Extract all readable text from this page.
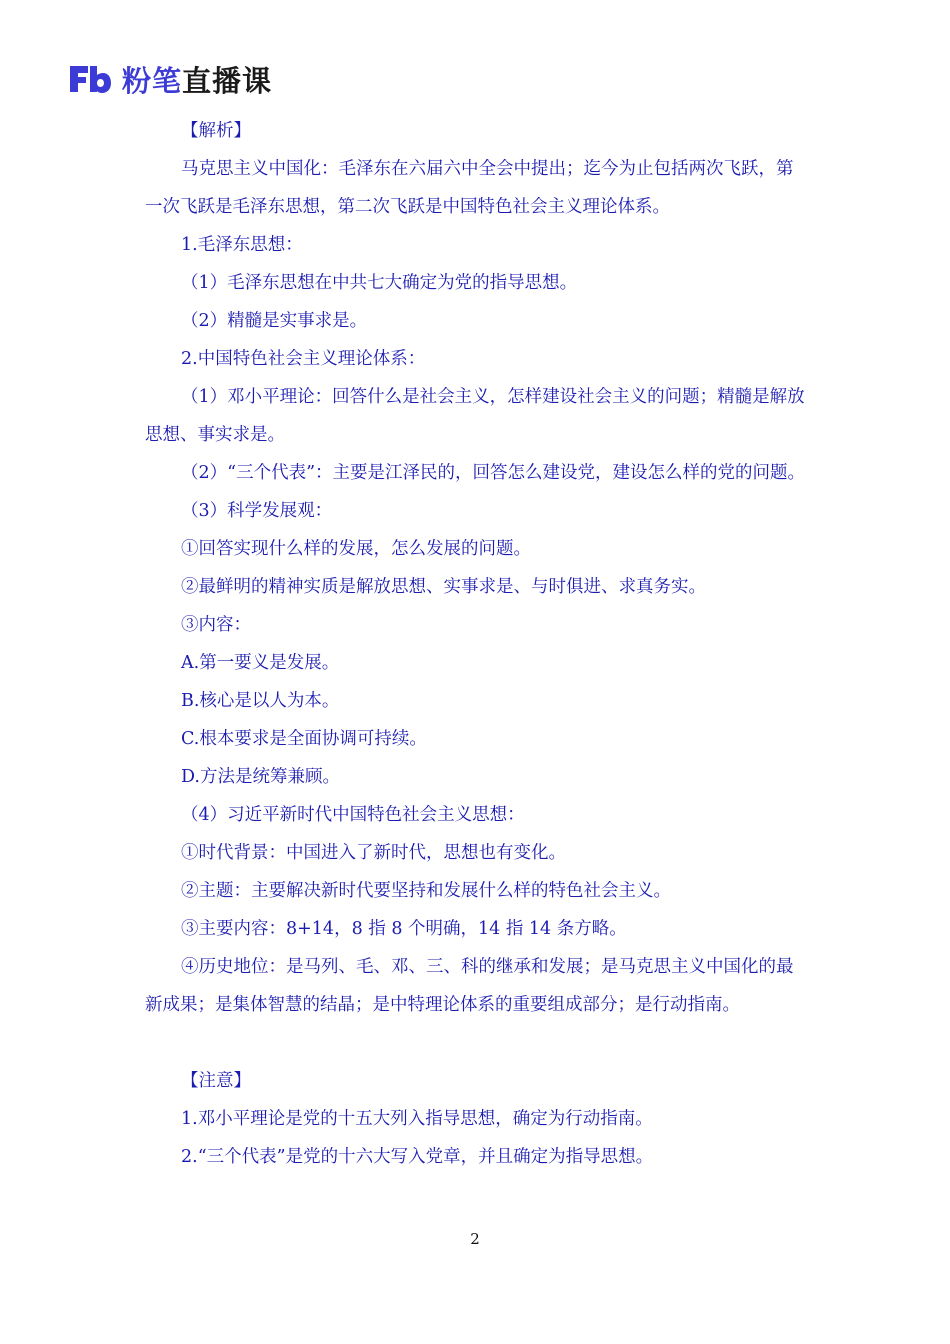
粉笔直播课

【解析】

马克思主义中国化：毛泽东在六届六中全会中提出；迄今为止包括两次飞跃，第一次飞跃是毛泽东思想，第二次飞跃是中国特色社会主义理论体系。

1.毛泽东思想：

（1）毛泽东思想在中共七大确定为党的指导思想。

（2）精髓是实事求是。

2.中国特色社会主义理论体系：

（1）邓小平理论：回答什么是社会主义，怎样建设社会主义的问题；精髓是解放思想、事实求是。

（2）“三个代表”：主要是江泽民的，回答怎么建设党，建设怎么样的党的问题。

（3）科学发展观：

①回答实现什么样的发展，怎么发展的问题。

②最鲜明的精神实质是解放思想、实事求是、与时俱进、求真务实。

③内容：

A.第一要义是发展。

B.核心是以人为本。

C.根本要求是全面协调可持续。

D.方法是统筹兼顾。

（4）习近平新时代中国特色社会主义思想：

①时代背景：中国进入了新时代，思想也有变化。

②主题：主要解决新时代要坚持和发展什么样的特色社会主义。

③主要内容：8+14，8 指 8 个明确，14 指 14 条方略。

④历史地位：是马列、毛、邓、三、科的继承和发展；是马克思主义中国化的最新成果；是集体智慧的结晶；是中特理论体系的重要组成部分；是行动指南。

【注意】

1.邓小平理论是党的十五大列入指导思想，确定为行动指南。

2.“三个代表”是党的十六大写入党章，并且确定为指导思想。

2
